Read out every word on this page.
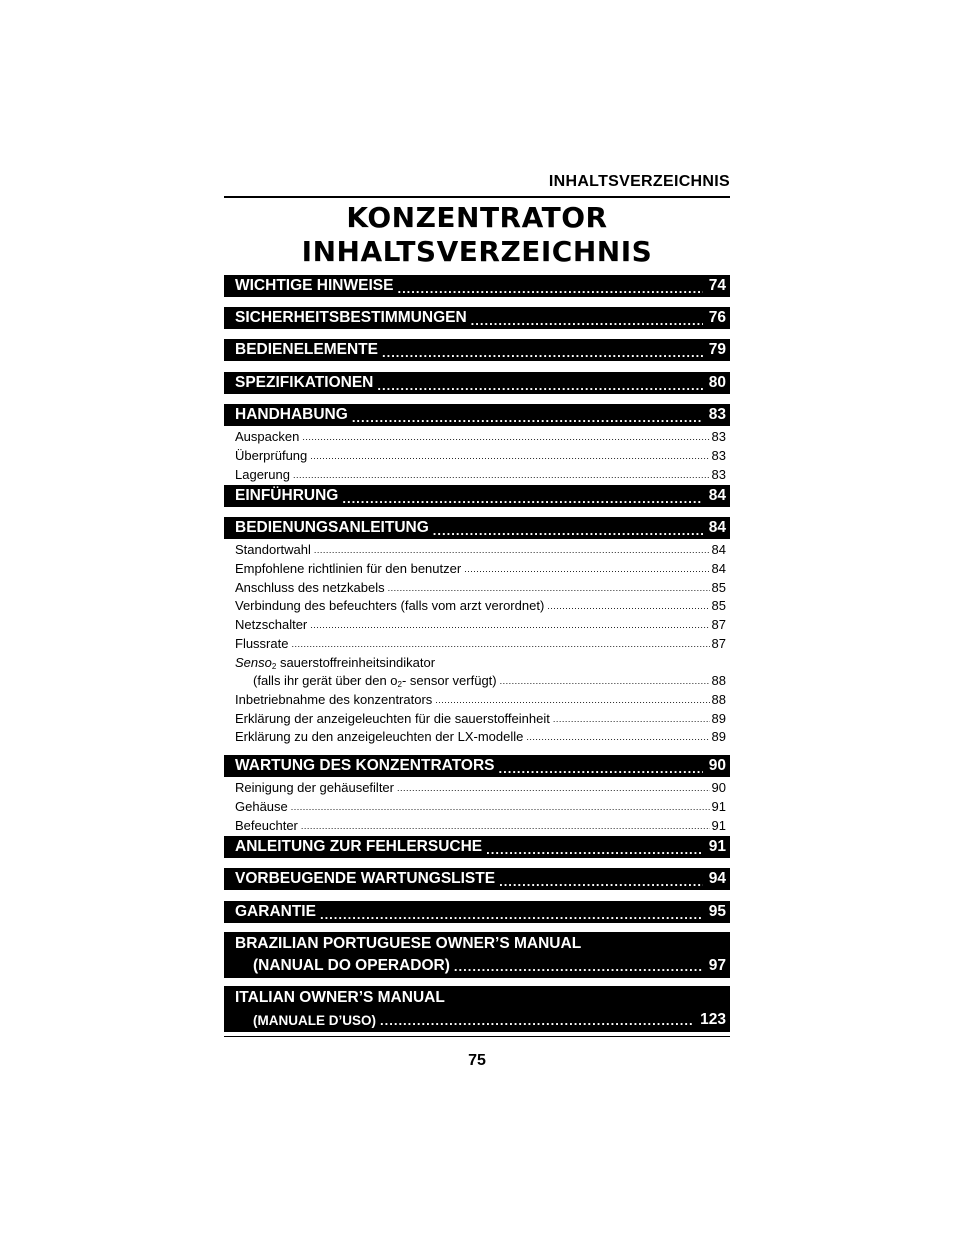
INHALTSVERZEICHNIS
KONZENTRATOR
INHALTSVERZEICHNIS
WICHTIGE HINWEISE .....	74
SICHERHEITSBESTIMMUNGEN .....	76
BEDIENELEMENTE .....	79
SPEZIFIKATIONEN .....	80
HANDHABUNG .....	83
Auspacken .....	83
Überprüfung .....	83
Lagerung .....	83
EINFÜHRUNG .....	84
BEDIENUNGSANLEITUNG .....	84
Standortwahl .....	84
Empfohlene richtlinien für den benutzer .....	84
Anschluss des netzkabels .....	85
Verbindung des befeuchters (falls vom arzt verordnet) .....	85
Netzschalter .....	87
Flussrate .....	87
Senso$_2$ sauerstoffreinheitsindikator
(falls ihr gerät über den $o_2-$ sensor verfügt) .....	88
Inbetriebnahme des konzentrators .....	88
Erklärung der anzeigeleuchten für die sauerstoffeinheit .....	89
Erklärung zu den anzeigeleuchten der LX-modelle .....	89
WARTUNG DES KONZENTRATORS .....	90
Reinigung der gehäusefilter .....	90
Gehäuse .....	91
Befeuchter .....	91
ANLEITUNG ZUR FEHLERSUCHE .....	91
VORBEUGENDE WARTUNGSLISTE .....	94
GARANTIE .....	95
BRAZILIAN PORTUGUESE OWNER’S MANUAL
(NANUAL DO OPERADOR) .....	97
ITALIAN OWNER’S MANUAL
(MANUALE D’USO) .....	123
75
